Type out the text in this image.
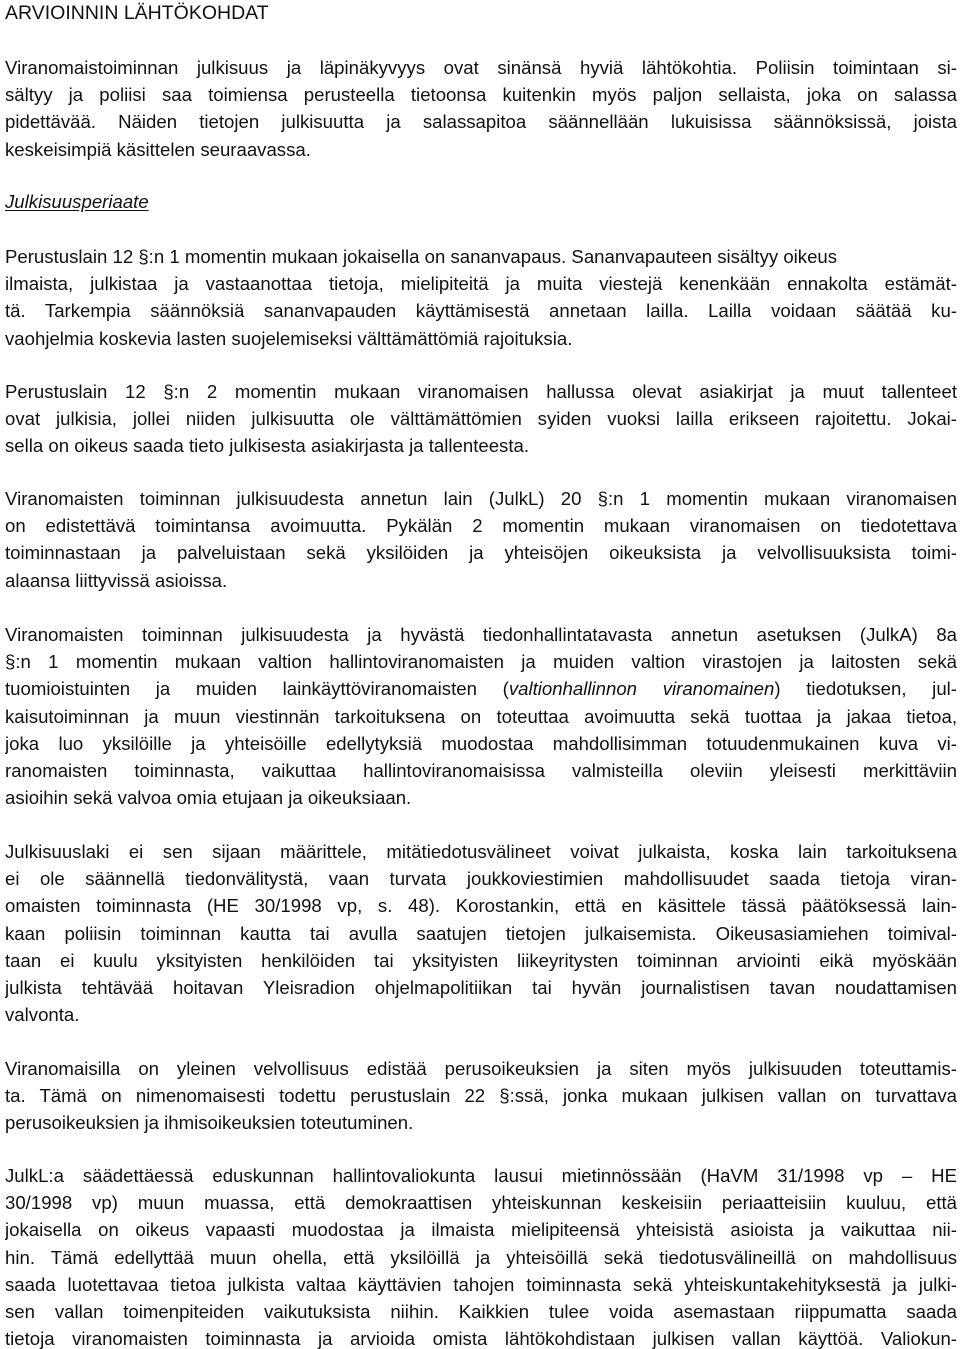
ARVIOINNIN LÄHTÖKOHDAT
Viranomaistoiminnan julkisuus ja läpinäkyvyys ovat sinänsä hyviä lähtökohtia. Poliisin toimintaan si-
sältyy ja poliisi saa toimiensa perusteella tietoonsa kuitenkin myös paljon sellaista, joka on salassa
pidettävää. Näiden tietojen julkisuutta ja salassapitoa säännellään lukuisissa säännöksissä, joista
keskeisimpiä käsittelen seuraavassa.
Julkisuusperiaate
Perustuslain 12 §:n 1 momentin mukaan jokaisella on sananvapaus. Sananvapauteen sisältyy oikeus
ilmaista, julkistaa ja vastaanottaa tietoja, mielipiteitä ja muita viestejä kenenkään ennakolta estämät-
tä. Tarkempia säännöksiä sananvapauden käyttämisestä annetaan lailla. Lailla voidaan säätää ku-
vaohjelmia koskevia lasten suojelemiseksi välttämättömiä rajoituksia.
Perustuslain 12 §:n 2 momentin mukaan viranomaisen hallussa olevat asiakirjat ja muut tallenteet
ovat julkisia, jollei niiden julkisuutta ole välttämättömien syiden vuoksi lailla erikseen rajoitettu. Jokai-
sella on oikeus saada tieto julkisesta asiakirjasta ja tallenteesta.
Viranomaisten toiminnan julkisuudesta annetun lain (JulkL) 20 §:n 1 momentin mukaan viranomaisen
on edistettävä toimintansa avoimuutta. Pykälän 2 momentin mukaan viranomaisen on tiedotettava
toiminnastaan ja palveluistaan sekä yksilöiden ja yhteisöjen oikeuksista ja velvollisuuksista toimi-
alaansa liittyvissä asioissa.
Viranomaisten toiminnan julkisuudesta ja hyvästä tiedonhallintatavasta annetun asetuksen (JulkA) 8a
§:n 1 momentin mukaan valtion hallintoviranomaisten ja muiden valtion virastojen ja laitosten sekä
tuomioistuinten ja muiden lainkäyttöviranomaisten (valtionhallinnon viranomainen) tiedotuksen, jul-
kaisutoiminnan ja muun viestinnän tarkoituksena on toteuttaa avoimuutta sekä tuottaa ja jakaa tietoa,
joka luo yksilöille ja yhteisöille edellytyksiä muodostaa mahdollisimman totuudenmukainen kuva vi-
ranomaisten toiminnasta, vaikuttaa hallintoviranomaisissa valmisteilla oleviin yleisesti merkittäviin
asioihin sekä valvoa omia etujaan ja oikeuksiaan.
Julkisuuslaki ei sen sijaan määrittele, mitätiedotusvälineet voivat julkaista, koska lain tarkoituksena
ei ole säännellä tiedonvälitystä, vaan turvata joukkoviestimien mahdollisuudet saada tietoja viran-
omaisten toiminnasta (HE 30/1998 vp, s. 48). Korostankin, että en käsittele tässä päätöksessä lain-
kaan poliisin toiminnan kautta tai avulla saatujen tietojen julkaisemista. Oikeusasiamiehen toimival-
taan ei kuulu yksityisten henkilöiden tai yksityisten liikeyritysten toiminnan arviointi eikä myöskään
julkista tehtävää hoitavan Yleisradion ohjelmapolitiikan tai hyvän journalistisen tavan noudattamisen
valvonta.
Viranomaisilla on yleinen velvollisuus edistää perusoikeuksien ja siten myös julkisuuden toteuttamis-
ta. Tämä on nimenomaisesti todettu perustuslain 22 §:ssä, jonka mukaan julkisen vallan on turvattava
perusoikeuksien ja ihmisoikeuksien toteutuminen.
JulkL:a säädettäessä eduskunnan hallintovaliokunta lausui mietinnössään (HaVM 31/1998 vp – HE
30/1998 vp) muun muassa, että demokraattisen yhteiskunnan keskeisiin periaatteisiin kuuluu, että
jokaisella on oikeus vapaasti muodostaa ja ilmaista mielipiteensä yhteisistä asioista ja vaikuttaa nii-
hin. Tämä edellyttää muun ohella, että yksilöillä ja yhteisöillä sekä tiedotusvälineillä on mahdollisuus
saada luotettavaa tietoa julkista valtaa käyttävien tahojen toiminnasta sekä yhteiskuntakehityksestä ja julki-
sen vallan toimenpiteiden vaikutuksista niihin. Kaikkien tulee voida asemastaan riippumatta saada
tietoja viranomaisten toiminnasta ja arvioida omista lähtökohdistaan julkisen vallan käyttöä. Valiokun-
